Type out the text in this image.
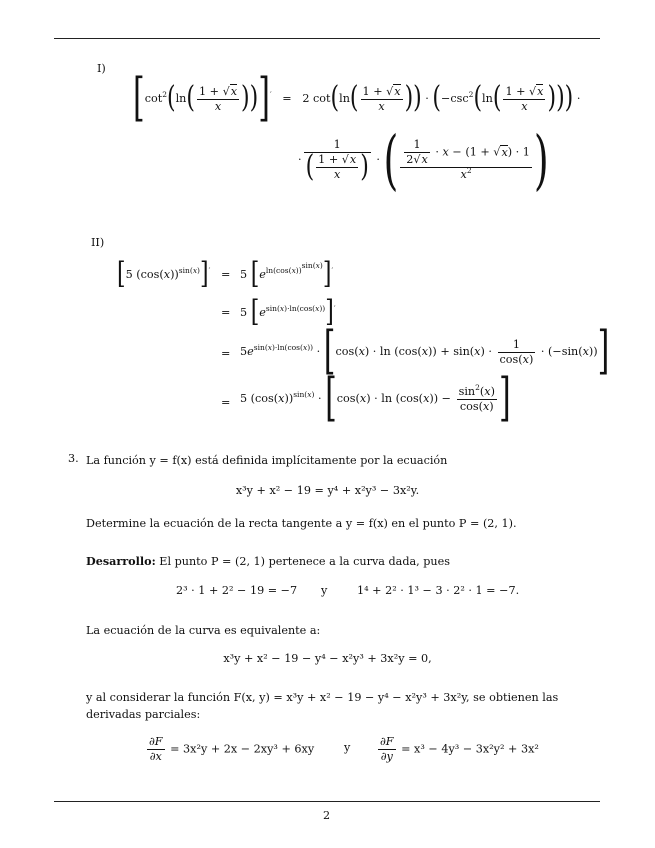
I) $[\cot^2(\ln( \frac{1 + √x}{x} ))]' = 2$ $\cot(\ln( \frac{1 + √x}{x}$ )) · ($-\csc^2(\ln( \frac{1 + √x}{x}$ ))) ·
· $\frac{1}{( \frac{1 + √x}{x} )}$ · ( $\frac{\frac{1}{2√x} \cdot x - (1 + √x) \cdot 1}{x^2}$ )
II)
[5 $(\cos(x))^{sin(x)}]' = 5$ $[e^{ln(cos(x))^{sin(x)}}]'$
= 5 $[e^{sin(x)\cdot ln(cos(x))}]'$
= $5e^{sin(x)\cdot ln(cos(x))} \cdot [\cos(x) \cdot \ln (\cos(x)) + \sin(x) \cdot \frac{1}{\cos(x)} \cdot (-\sin(x))]$
= 5 $(\cos(x))^{sin(x)} \cdot [\cos(x) \cdot \ln (\cos(x)) - \frac{\sin^2(x)}{\cos(x)}$ ]
3. La función y = f(x) está definida implícitamente por la ecuación
x³y + x² − 19 = y⁴ + x²y³ − 3x²y.
Determine la ecuación de la recta tangente a y = f(x) en el punto P = (2, 1).
Desarrollo: El punto P = (2, 1) pertenece a la curva dada, pues
2³ · 1 + 2² − 19 = −7 y	1⁴ + 2² · 1³ − 3 · 2² · 1 = −7.
La ecuación de la curva es equivalente a:
x³y + x² − 19 − y⁴ − x²y³ + 3x²y = 0,
y al considerar la función F(x, y) = x³y + x² − 19 − y⁴ − x²y³ + 3x²y, se obtienen las derivadas parciales:
$\frac{\partial F}{\partial x} = 3x^2y + 2x - 2xy^3 + 6xy$	y $\frac{\partial F}{\partial y} = x^3 - 4y^3 - 3x^2y^2 + 3x^2$
2
